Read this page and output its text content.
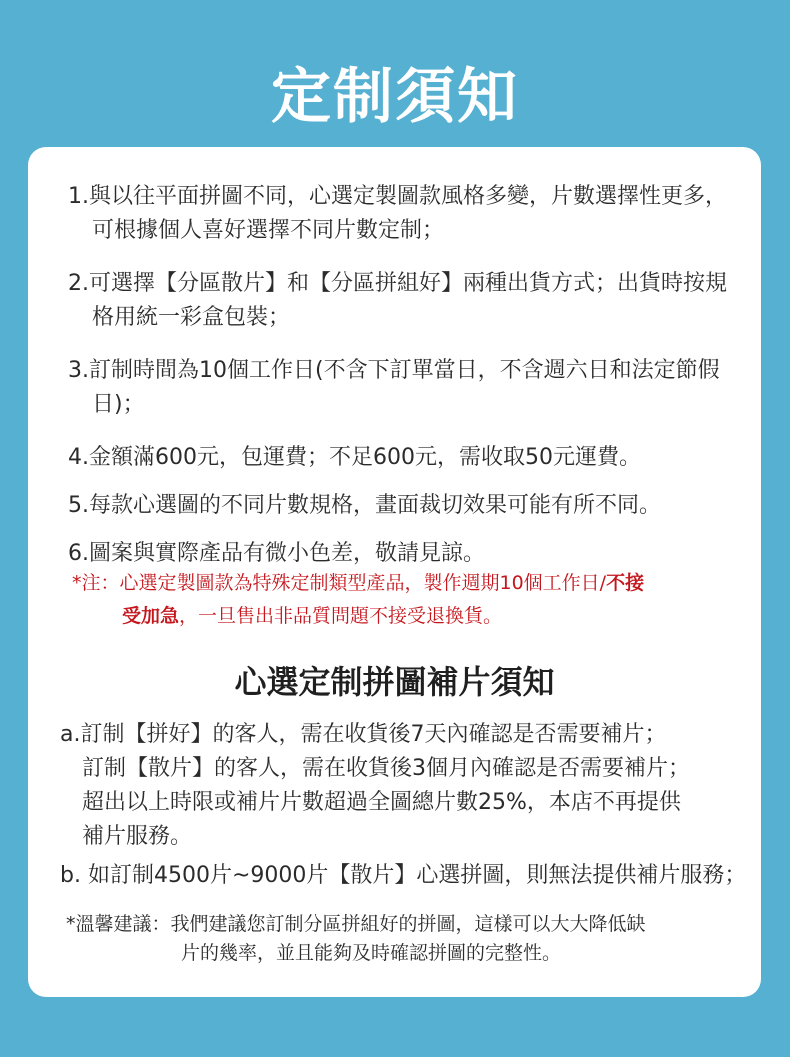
定制須知
1.與以往平面拼圖不同，心選定製圖款風格多變，片數選擇性更多，可根據個人喜好選擇不同片數定制；
2.可選擇【分區散片】和【分區拼組好】兩種出貨方式；出貨時按規格用統一彩盒包裝；
3.訂制時間為10個工作日(不含下訂單當日，不含週六日和法定節假日)；
4.金額滿600元，包運費；不足600元，需收取50元運費。
5.每款心選圖的不同片數規格，畫面裁切效果可能有所不同。
6.圖案與實際產品有微小色差，敬請見諒。
*注：心選定製圖款為特殊定制類型產品，製作週期10個工作日/不接
受加急，一旦售出非品質問題不接受退換貨。
心選定制拼圖補片須知
a.訂制【拼好】的客人，需在收貨後7天內確認是否需要補片；
訂制【散片】的客人，需在收貨後3個月內確認是否需要補片；
超出以上時限或補片片數超過全圖總片數25%，本店不再提供
補片服務。
b. 如訂制4500片~9000片【散片】心選拼圖，則無法提供補片服務；
*溫馨建議：我們建議您訂制分區拼組好的拼圖，這樣可以大大降低缺
片的幾率，並且能夠及時確認拼圖的完整性。
